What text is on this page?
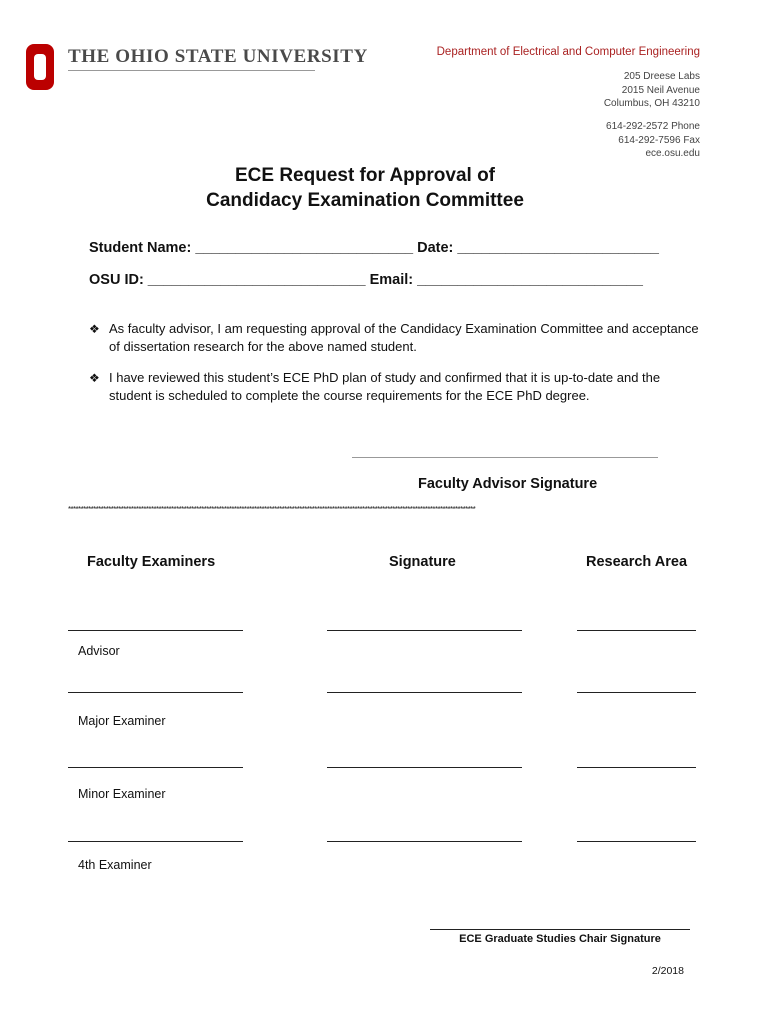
THE OHIO STATE UNIVERSITY	Department of Electrical and Computer Engineering
205 Dreese Labs
2015 Neil Avenue
Columbus, OH 43210
614-292-2572 Phone
614-292-7596 Fax
ece.osu.edu
ECE Request for Approval of
Candidacy Examination Committee
Student Name: ___________________________ Date: _________________________
OSU ID: ___________________________ Email: ____________________________
❖ As faculty advisor, I am requesting approval of the Candidacy Examination Committee and acceptance of dissertation research for the above named student.
❖ I have reviewed this student’s ECE PhD plan of study and confirmed that it is up-to-date and the student is scheduled to complete the course requirements for the ECE PhD degree.
Faculty Advisor Signature
******************************************************************************************************************************************************************
Faculty Examiners	Signature	Research Area
Advisor
Major Examiner
Minor Examiner
4th Examiner
ECE Graduate Studies Chair Signature
2/2018
